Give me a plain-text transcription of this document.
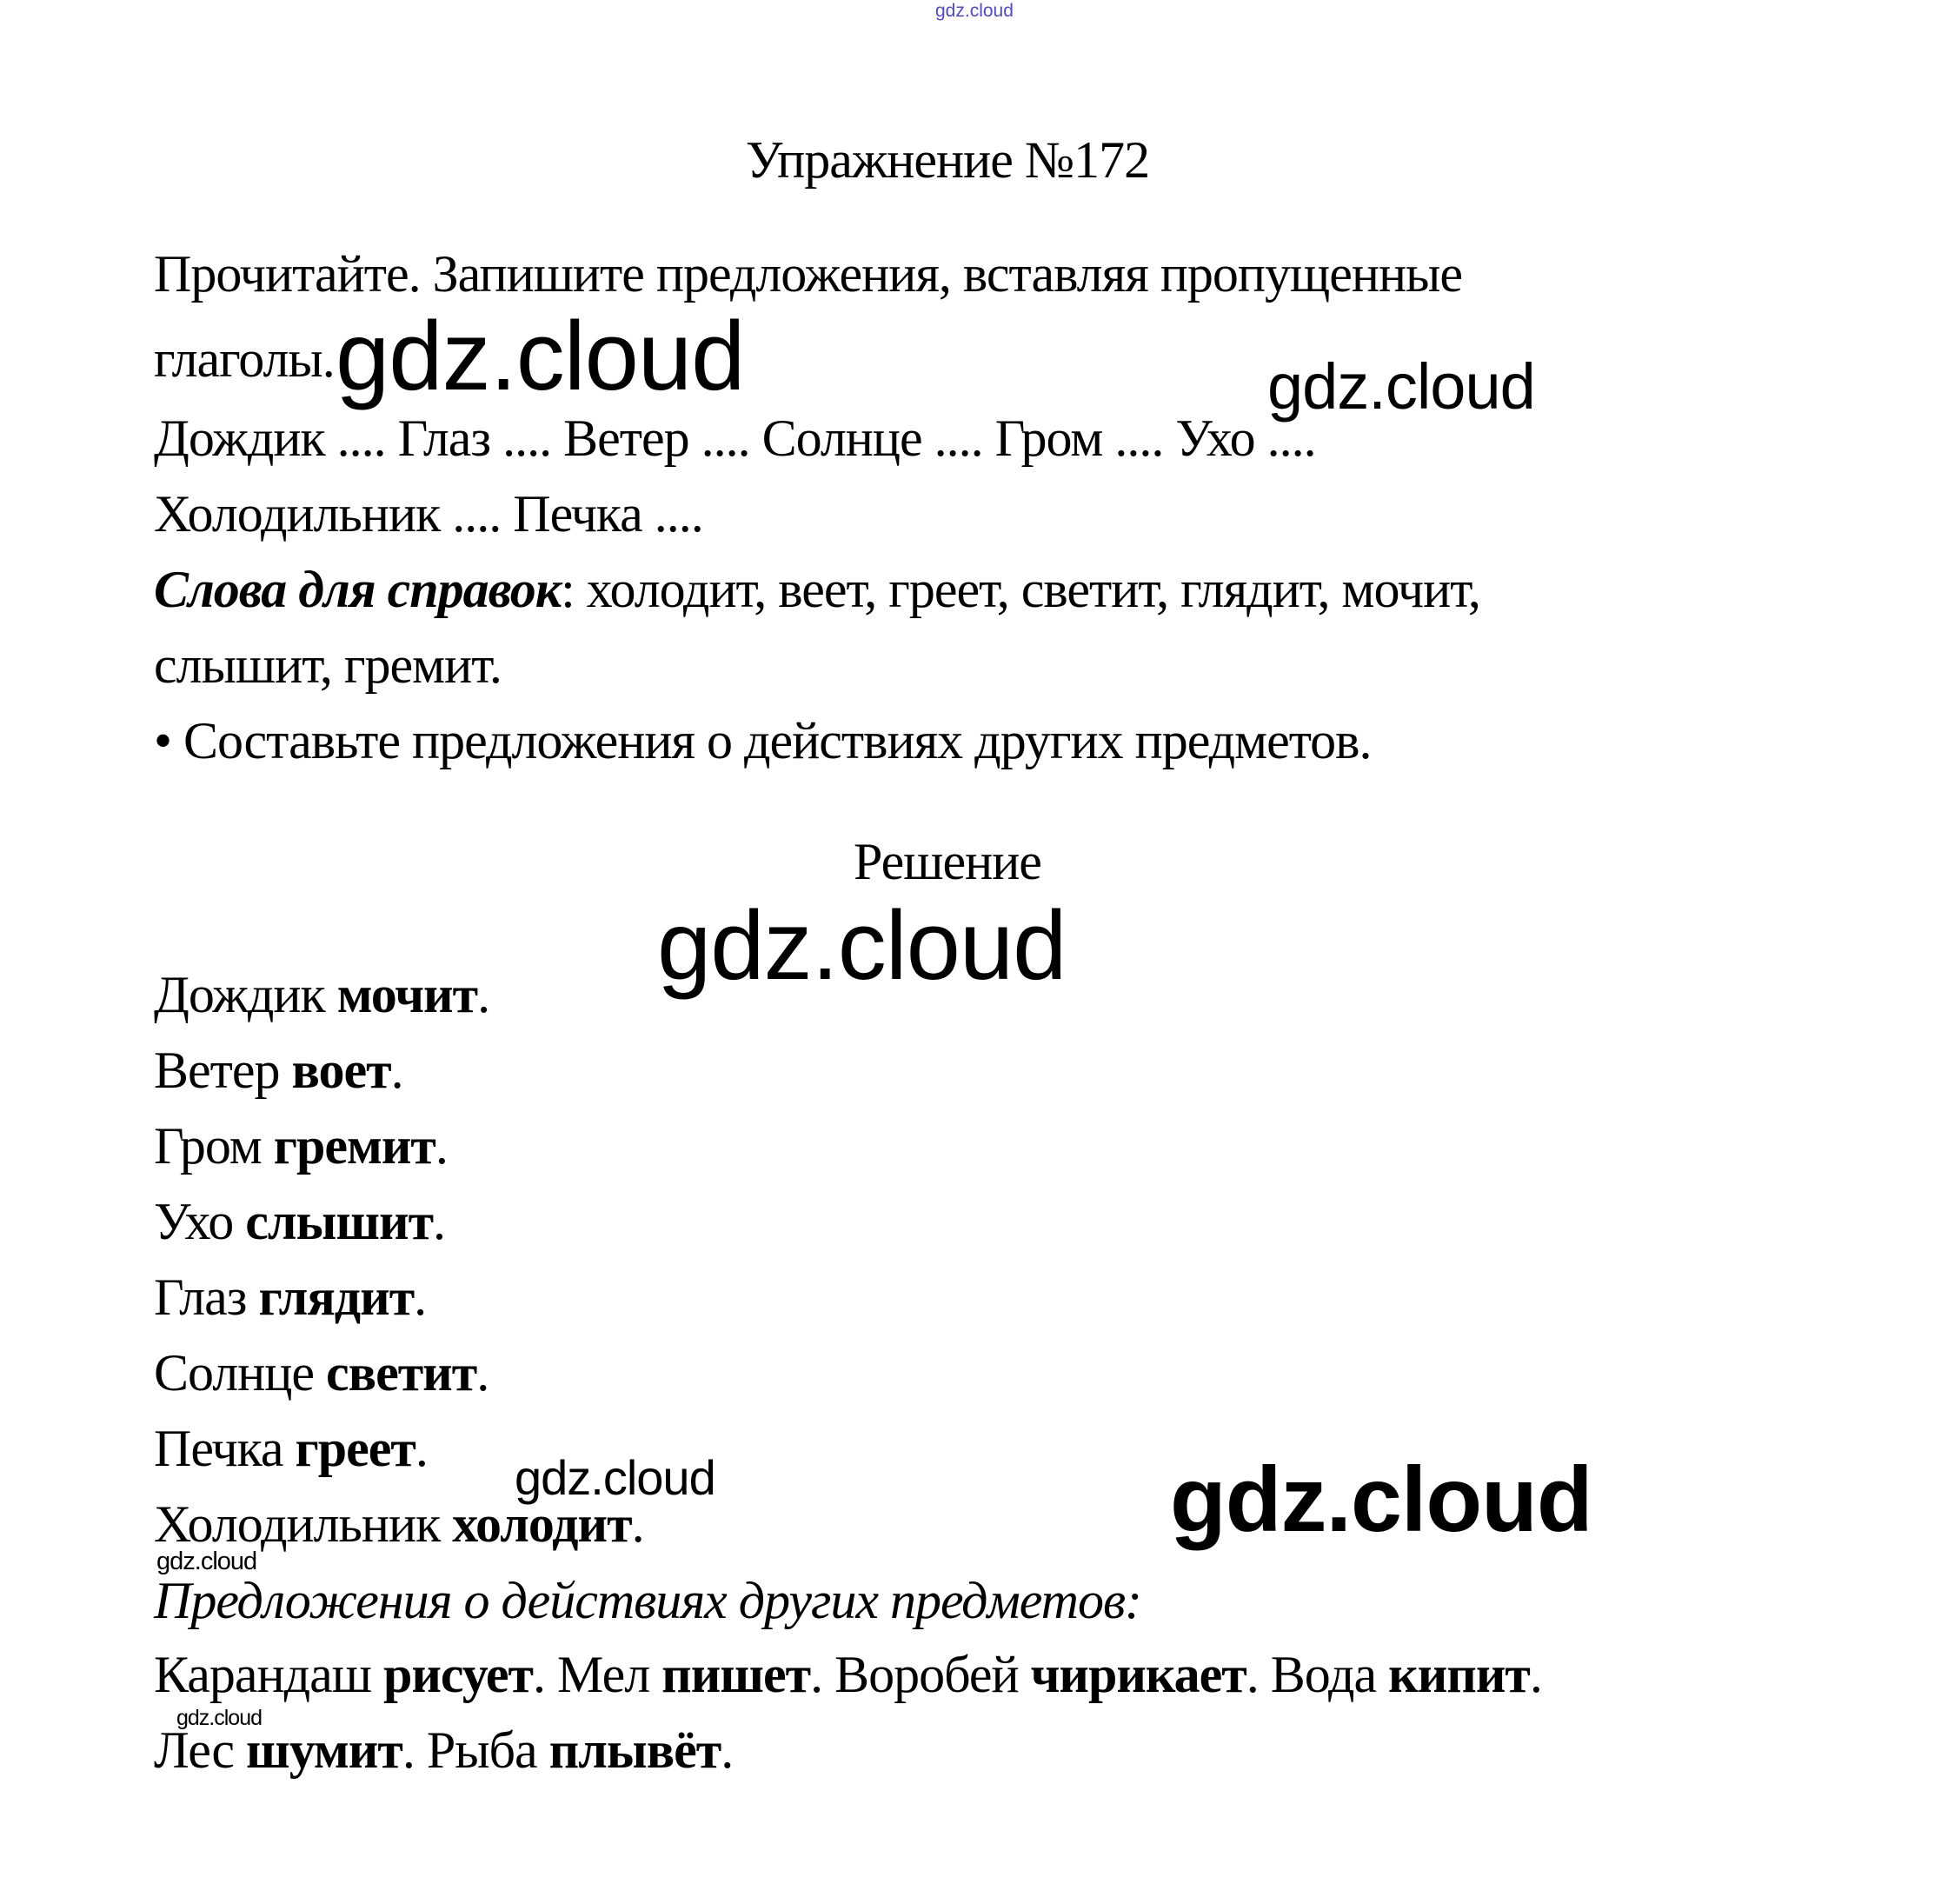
gdz.cloud
gdz.cloud	gdz.cloud
gdz.cloud
gdz.cloud	gdz.cloud
gdz.cloud
gdz.cloud
Упражнение №172
Прочитайте. Запишите предложения, вставляя пропущенные
глаголы.
Дождик .... Глаз .... Ветер .... Солнце .... Гром .... Ухо ....
Холодильник .... Печка ....
Слова для справок: холодит, веет, греет, светит, глядит, мочит,
слышит, гремит.
• Составьте предложения о действиях других предметов.
Решение
Дождик мочит.
Ветер воет.
Гром гремит.
Ухо слышит.
Глаз глядит.
Солнце светит.
Печка греет.
Холодильник холодит.
Предложения о действиях других предметов:
Карандаш рисует. Мел пишет. Воробей чирикает. Вода кипит.
Лес шумит. Рыба плывёт.
